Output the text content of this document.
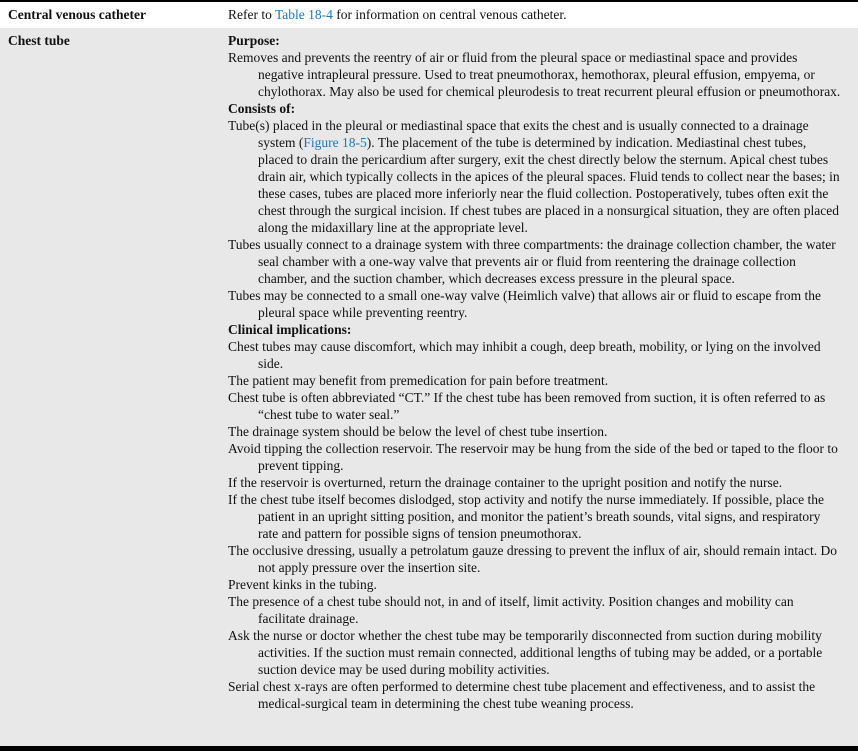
Central venous catheter	Refer to Table 18-4 for information on central venous catheter.
Chest tube	Purpose:
Removes and prevents the reentry of air or fluid from the pleural space or mediastinal space and provides negative intrapleural pressure. Used to treat pneumothorax, hemothorax, pleural effusion, empyema, or chylothorax. May also be used for chemical pleurodesis to treat recurrent pleural effusion or pneumothorax.
Consists of:
Tube(s) placed in the pleural or mediastinal space that exits the chest and is usually connected to a drainage system (Figure 18-5). The placement of the tube is determined by indication. Mediastinal chest tubes, placed to drain the pericardium after surgery, exit the chest directly below the sternum. Apical chest tubes drain air, which typically collects in the apices of the pleural spaces. Fluid tends to collect near the bases; in these cases, tubes are placed more inferiorly near the fluid collection. Postoperatively, tubes often exit the chest through the surgical incision. If chest tubes are placed in a nonsurgical situation, they are often placed along the midaxillary line at the appropriate level.
Tubes usually connect to a drainage system with three compartments: the drainage collection chamber, the water seal chamber with a one-way valve that prevents air or fluid from reentering the drainage collection chamber, and the suction chamber, which decreases excess pressure in the pleural space.
Tubes may be connected to a small one-way valve (Heimlich valve) that allows air or fluid to escape from the pleural space while preventing reentry.
Clinical implications:
Chest tubes may cause discomfort, which may inhibit a cough, deep breath, mobility, or lying on the involved side.
The patient may benefit from premedication for pain before treatment.
Chest tube is often abbreviated “CT.” If the chest tube has been removed from suction, it is often referred to as “chest tube to water seal.”
The drainage system should be below the level of chest tube insertion.
Avoid tipping the collection reservoir. The reservoir may be hung from the side of the bed or taped to the floor to prevent tipping.
If the reservoir is overturned, return the drainage container to the upright position and notify the nurse.
If the chest tube itself becomes dislodged, stop activity and notify the nurse immediately. If possible, place the patient in an upright sitting position, and monitor the patient’s breath sounds, vital signs, and respiratory rate and pattern for possible signs of tension pneumothorax.
The occlusive dressing, usually a petrolatum gauze dressing to prevent the influx of air, should remain intact. Do not apply pressure over the insertion site.
Prevent kinks in the tubing.
The presence of a chest tube should not, in and of itself, limit activity. Position changes and mobility can facilitate drainage.
Ask the nurse or doctor whether the chest tube may be temporarily disconnected from suction during mobility activities. If the suction must remain connected, additional lengths of tubing may be added, or a portable suction device may be used during mobility activities.
Serial chest x-rays are often performed to determine chest tube placement and effectiveness, and to assist the medical-surgical team in determining the chest tube weaning process.
